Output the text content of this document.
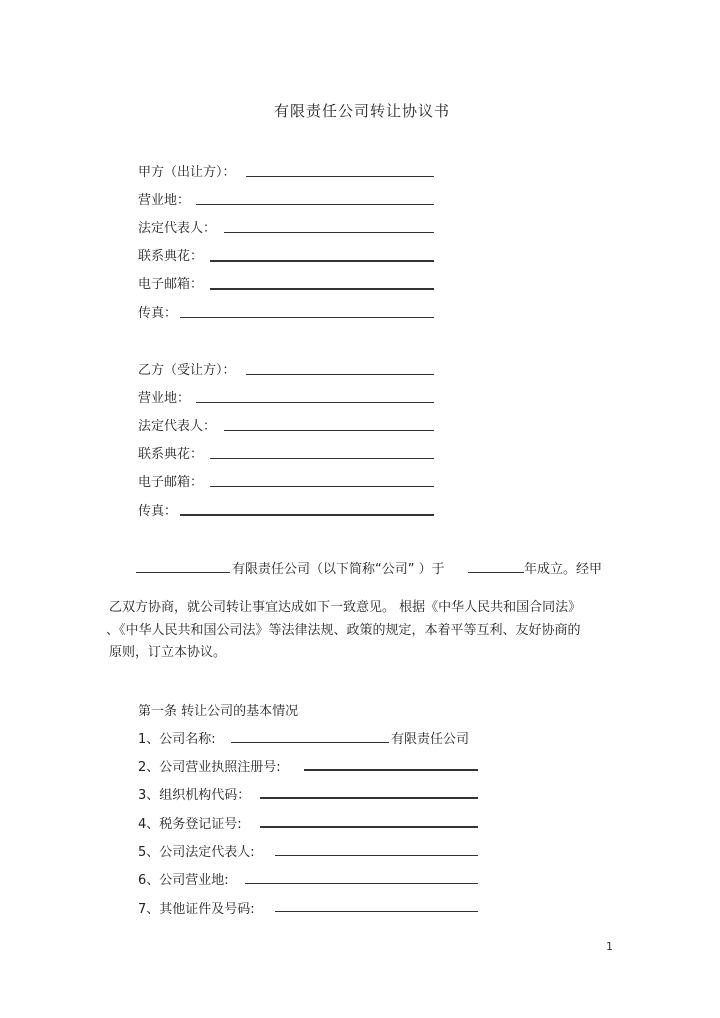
有限责任公司转让协议书
甲方（出让方）：
营业地：
法定代表人：
联系典花：
电子邮箱：
传真：
乙方（受让方）：
营业地：
法定代表人：
联系典花：
电子邮箱：
传真：
有限责任公司（以下简称“公司” ）于	年成立。经甲
乙双方协商，就公司转让事宜达成如下一致意见。 根据《中华人民共和国合同法》
、《中华人民共和国公司法》等法律法规、政策的规定，本着平等互利、友好协商的
原则，订立本协议。
第一条 转让公司的基本情况
1、公司名称:	有限责任公司
2、公司营业执照注册号:
3、组织机构代码：
4、税务登记证号:
5、公司法定代表人:
6、公司营业地:
7、其他证件及号码:
1
